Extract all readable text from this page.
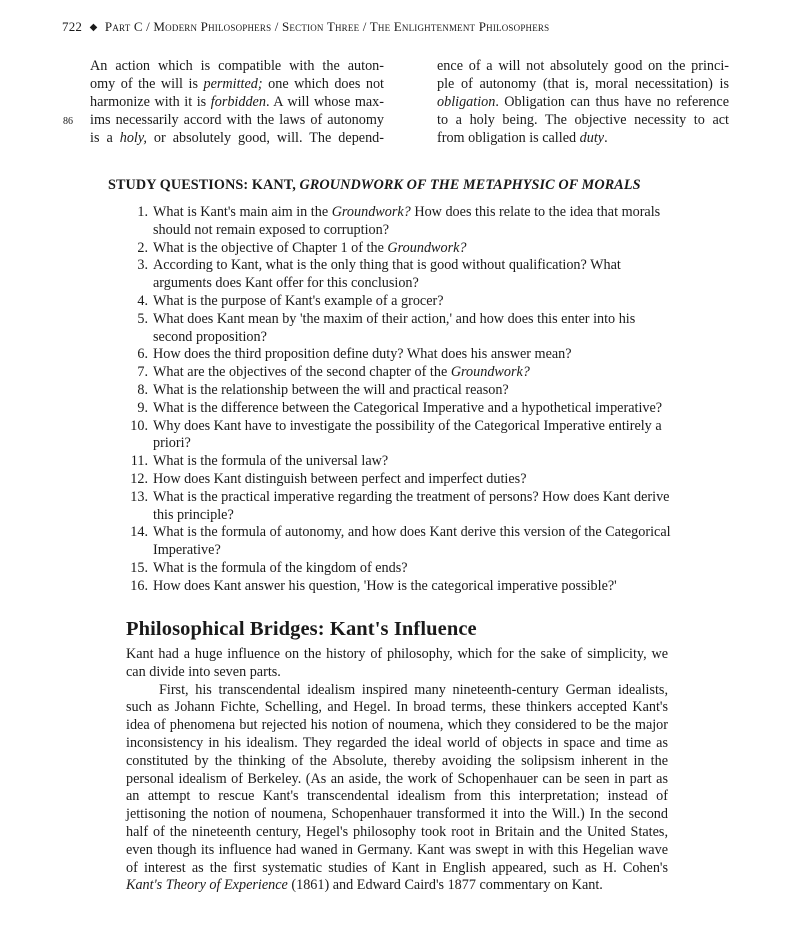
722 ◆ Part C / Modern Philosophers / Section Three / The Enlightenment Philosophers
86
An action which is compatible with the auton-
omy of the will is permitted; one which does not
harmonize with it is forbidden. A will whose max-
ims necessarily accord with the laws of autonomy
is a holy, or absolutely good, will. The depend-
ence of a will not absolutely good on the princi-
ple of autonomy (that is, moral necessitation) is
obligation. Obligation can thus have no reference
to a holy being. The objective necessity to act
from obligation is called duty.
STUDY QUESTIONS: KANT, GROUNDWORK OF THE METAPHYSIC OF MORALS
1. What is Kant's main aim in the Groundwork? How does this relate to the idea that morals should not remain exposed to corruption?
2. What is the objective of Chapter 1 of the Groundwork?
3. According to Kant, what is the only thing that is good without qualification? What arguments does Kant offer for this conclusion?
4. What is the purpose of Kant's example of a grocer?
5. What does Kant mean by 'the maxim of their action,' and how does this enter into his second proposition?
6. How does the third proposition define duty? What does his answer mean?
7. What are the objectives of the second chapter of the Groundwork?
8. What is the relationship between the will and practical reason?
9. What is the difference between the Categorical Imperative and a hypothetical imperative?
10. Why does Kant have to investigate the possibility of the Categorical Imperative entirely a priori?
11. What is the formula of the universal law?
12. How does Kant distinguish between perfect and imperfect duties?
13. What is the practical imperative regarding the treatment of persons? How does Kant derive this principle?
14. What is the formula of autonomy, and how does Kant derive this version of the Categorical Imperative?
15. What is the formula of the kingdom of ends?
16. How does Kant answer his question, 'How is the categorical imperative possible?'
Philosophical Bridges: Kant's Influence

Kant had a huge influence on the history of philosophy, which for the sake of simplicity, we can divide into seven parts.

First, his transcendental idealism inspired many nineteenth-century German idealists, such as Johann Fichte, Schelling, and Hegel. In broad terms, these thinkers accepted Kant's idea of phenomena but rejected his notion of noumena, which they considered to be the major inconsistency in his idealism. They regarded the ideal world of objects in space and time as constituted by the thinking of the Absolute, thereby avoiding the solipsism inherent in the personal idealism of Berkeley. (As an aside, the work of Schopenhauer can be seen in part as an attempt to rescue Kant's transcendental idealism from this interpretation; instead of jettisoning the notion of noumena, Schopenhauer transformed it into the Will.) In the second half of the nineteenth century, Hegel's philosophy took root in Britain and the United States, even though its influence had waned in Germany. Kant was swept in with this Hegelian wave of interest as the first systematic studies of Kant in English appeared, such as H. Cohen's Kant's Theory of Experience (1861) and Edward Caird's 1877 commentary on Kant.
